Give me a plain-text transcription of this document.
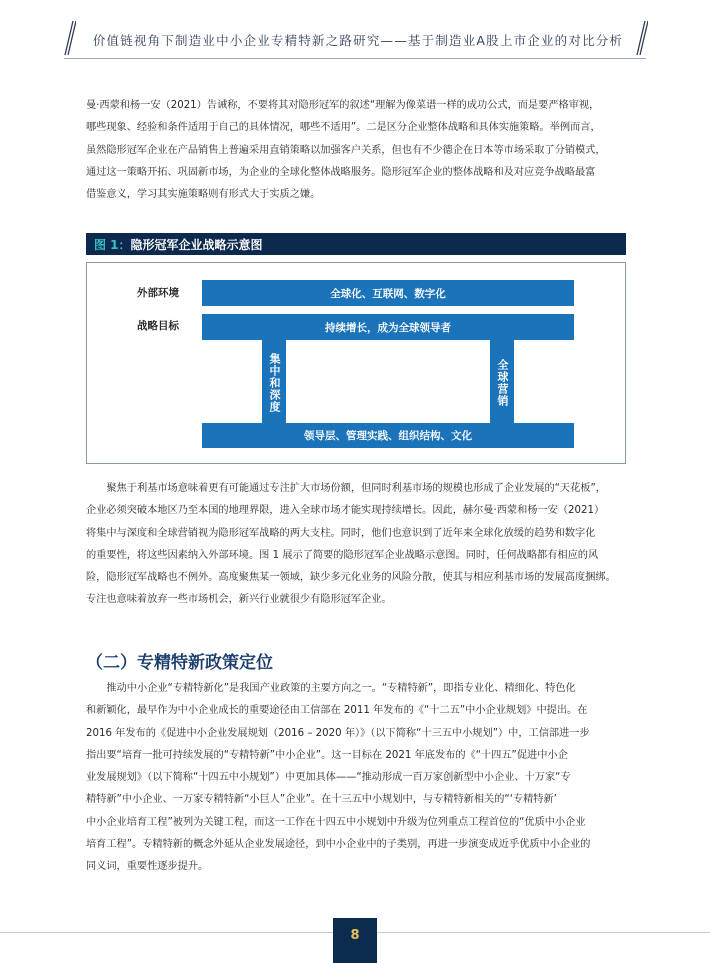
价值链视角下制造业中小企业专精特新之路研究——基于制造业A股上市企业的对比分析

曼·西蒙和杨一安（2021）告诫称，不要将其对隐形冠军的叙述“理解为像菜谱一样的成功公式，而是要严格审视，

哪些现象、经验和条件适用于自己的具体情况，哪些不适用”。二是区分企业整体战略和具体实施策略。举例而言，

虽然隐形冠军企业在产品销售上普遍采用直销策略以加强客户关系，但也有不少德企在日本等市场采取了分销模式，

通过这一策略开拓、巩固新市场，为企业的全球化整体战略服务。隐形冠军企业的整体战略和及对应竞争战略最富

借鉴意义，学习其实施策略则有形式大于实质之嫌。

图 1：隐形冠军企业战略示意图
外部环境
战略目标
全球化、互联网、数字化
持续增长，成为全球领导者
集中和深度	全球营销
领导层、管理实践、组织结构、文化

聚焦于利基市场意味着更有可能通过专注扩大市场份额，但同时利基市场的规模也形成了企业发展的“天花板”，

企业必须突破本地区乃至本国的地理界限，进入全球市场才能实现持续增长。因此，赫尔曼·西蒙和杨一安（2021）

将集中与深度和全球营销视为隐形冠军战略的两大支柱。同时，他们也意识到了近年来全球化放缓的趋势和数字化

的重要性，将这些因素纳入外部环境。图 1 展示了简要的隐形冠军企业战略示意图。同时，任何战略都有相应的风

险，隐形冠军战略也不例外。高度聚焦某一领域，缺少多元化业务的风险分散，使其与相应利基市场的发展高度捆绑。

专注也意味着放弃一些市场机会，新兴行业就很少有隐形冠军企业。

（二）专精特新政策定位

推动中小企业“专精特新化”是我国产业政策的主要方向之一。“专精特新”，即指专业化、精细化、特色化

和新颖化，最早作为中小企业成长的重要途径由工信部在 2011 年发布的《“十二五”中小企业规划》中提出。在

2016 年发布的《促进中小企业发展规划（2016 – 2020 年）》（以下简称“十三五中小规划”）中，工信部进一步

指出要“培育一批可持续发展的“专精特新”中小企业”。这一目标在 2021 年底发布的《“十四五”促进中小企

业发展规划》（以下简称“十四五中小规划”）中更加具体——“推动形成一百万家创新型中小企业、十万家“专

精特新”中小企业、一万家专精特新“小巨人”企业”。在十三五中小规划中，与专精特新相关的“‘专精特新’

中小企业培育工程”被列为关键工程，而这一工作在十四五中小规划中升级为位列重点工程首位的“优质中小企业

培育工程”。专精特新的概念外延从企业发展途径，到中小企业中的子类别，再进一步演变成近乎优质中小企业的

同义词，重要性逐步提升。

8
